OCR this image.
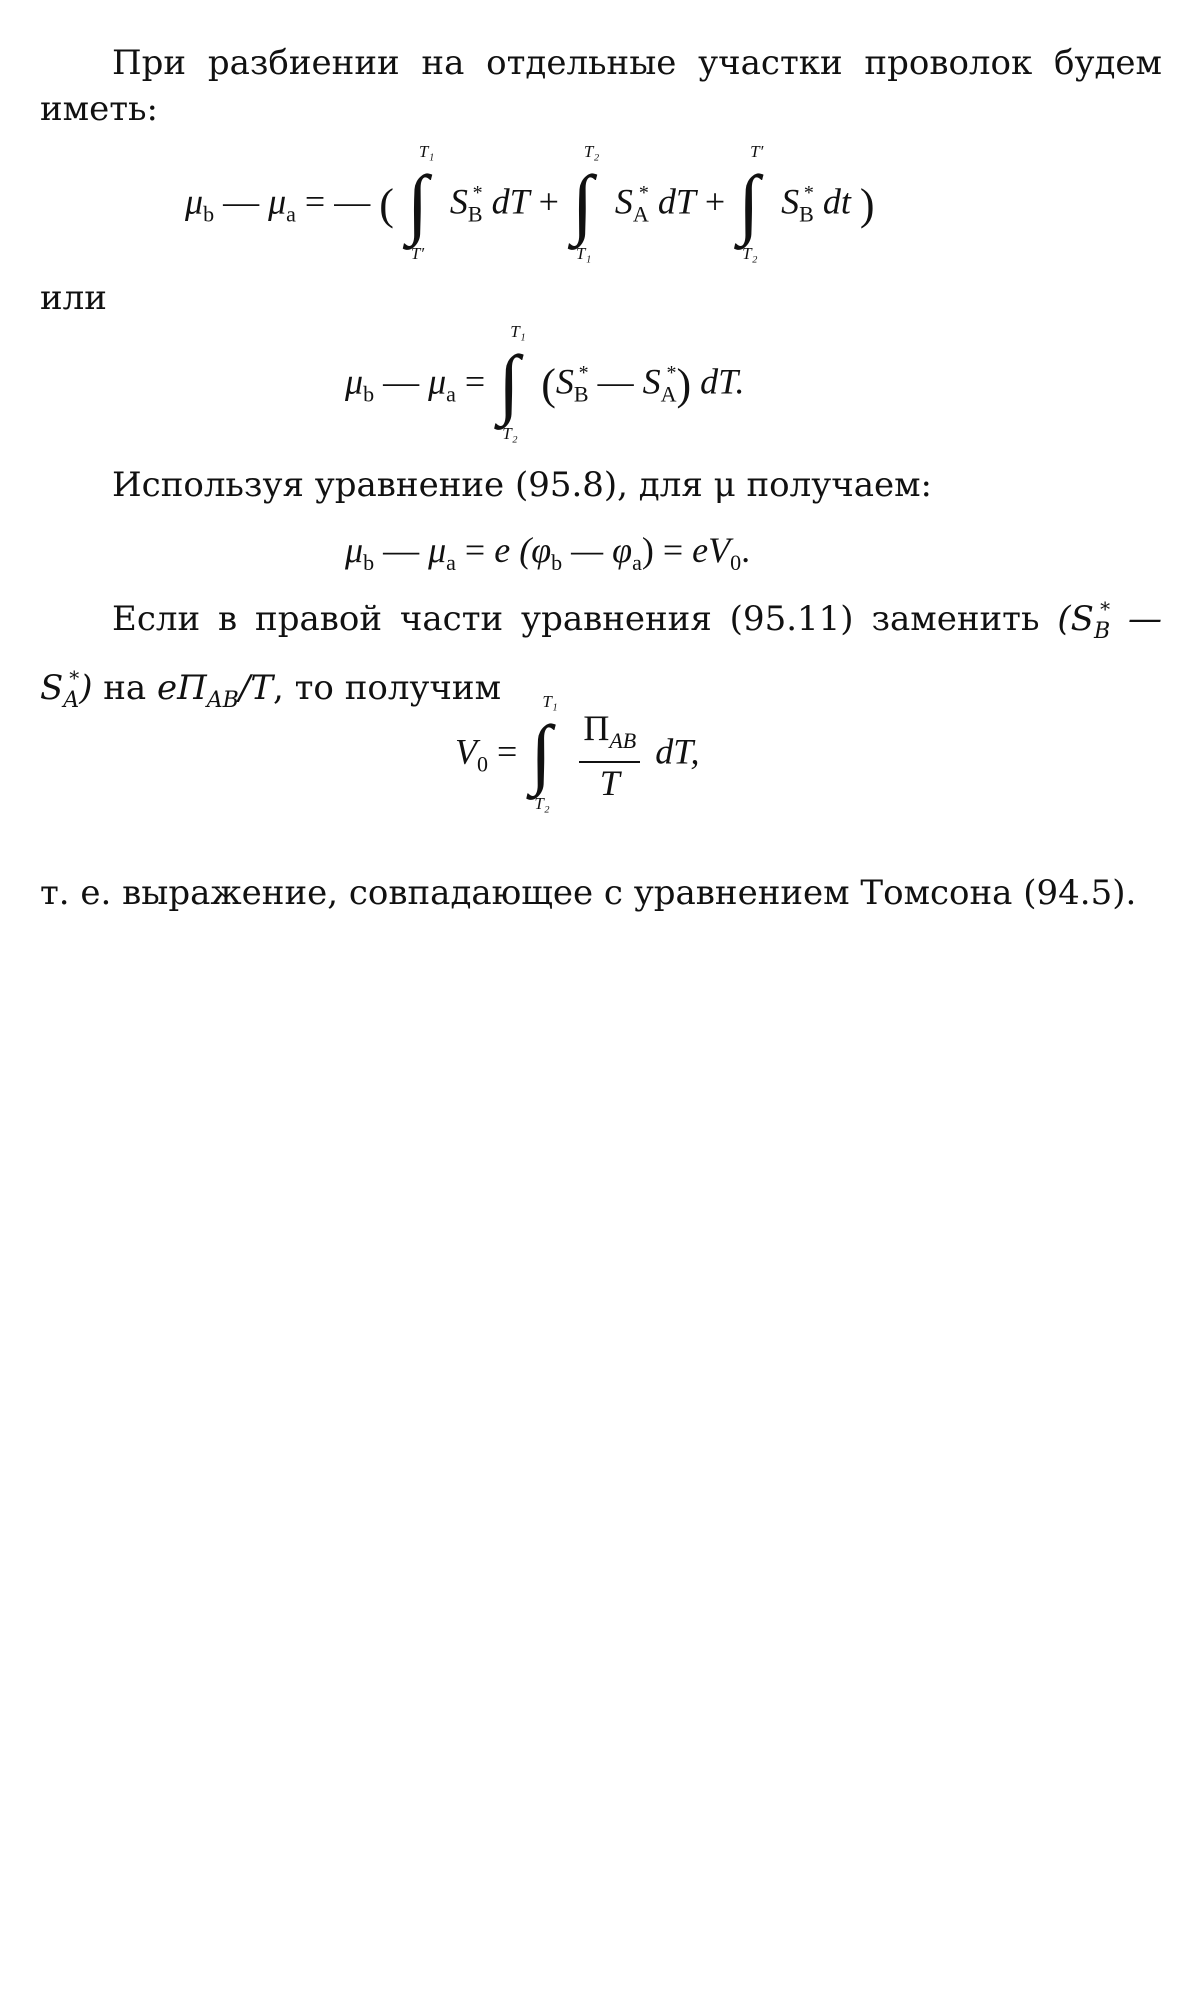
При разбиении на отдельные участки проволок будем иметь:
$\mu_b$ — $\mu_a$ = — ( ∫
T₁
T′
$S_B^*$ dT + ∫
T₂
T₁
$S_A^*$ dT + ∫
T′
T₂
$S_B^*$ dt )
или
$\mu_b$ — $\mu_a$ = ∫
T₁
T₂
($S_B^*$ — $S_A^*$) dT.
Используя уравнение (95.8), для μ получаем:
$\mu_b$ — $\mu_a = e$ ($\varphi_b$ — $\varphi_a) = eV_0$.
Если в правой части уравнения (95.11) заменить ($S_B^*$ — $S_A^*$) на $e\Pi_{AB}/T$, то получим
$V_0$ = ∫
T₁
T₂

$\frac{\Pi_{AB}}{T}$ dT,
т. е. выражение, совпадающее с уравнением Томсона (94.5).
